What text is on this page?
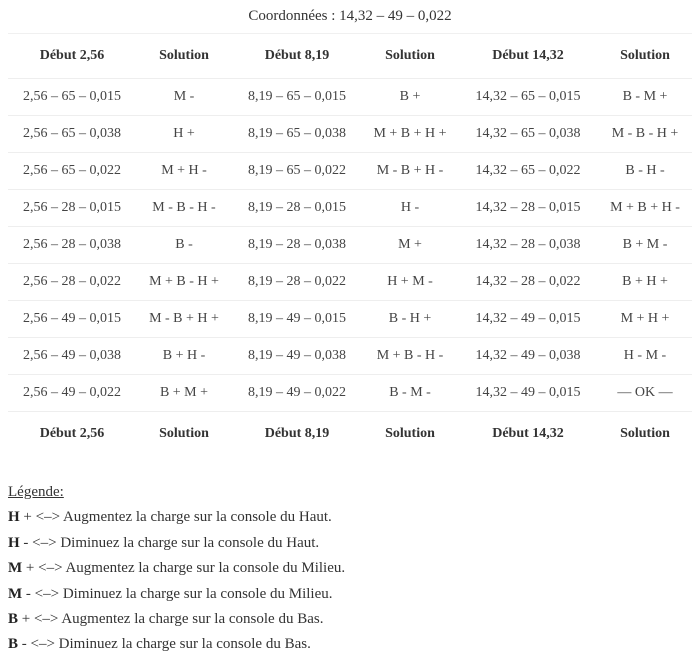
Coordonnées : 14,32 – 49 – 0,022
Début 2,56	Solution	Début 8,19	Solution	Début 14,32	Solution
2,56 – 65 – 0,015	M -	8,19 – 65 – 0,015	B +	14,32 – 65 – 0,015	B - M +
2,56 – 65 – 0,038	H +	8,19 – 65 – 0,038	M + B + H +	14,32 – 65 – 0,038	M - B - H +
2,56 – 65 – 0,022	M + H -	8,19 – 65 – 0,022	M - B + H -	14,32 – 65 – 0,022	B - H -
2,56 – 28 – 0,015	M - B - H -	8,19 – 28 – 0,015	H -	14,32 – 28 – 0,015	M + B + H -
2,56 – 28 – 0,038	B -	8,19 – 28 – 0,038	M +	14,32 – 28 – 0,038	B + M -
2,56 – 28 – 0,022	M + B - H +	8,19 – 28 – 0,022	H + M -	14,32 – 28 – 0,022	B + H +
2,56 – 49 – 0,015	M - B + H +	8,19 – 49 – 0,015	B - H +	14,32 – 49 – 0,015	M + H +
2,56 – 49 – 0,038	B + H -	8,19 – 49 – 0,038	M + B - H -	14,32 – 49 – 0,038	H - M -
2,56 – 49 – 0,022	B + M +	8,19 – 49 – 0,022	B - M -	14,32 – 49 – 0,015	— OK —
Début 2,56	Solution	Début 8,19	Solution	Début 14,32	Solution
Légende:
H + <–> Augmentez la charge sur la console du Haut.
H - <–> Diminuez la charge sur la console du Haut.
M + <–> Augmentez la charge sur la console du Milieu.
M - <–> Diminuez la charge sur la console du Milieu.
B + <–> Augmentez la charge sur la console du Bas.
B - <–> Diminuez la charge sur la console du Bas.
